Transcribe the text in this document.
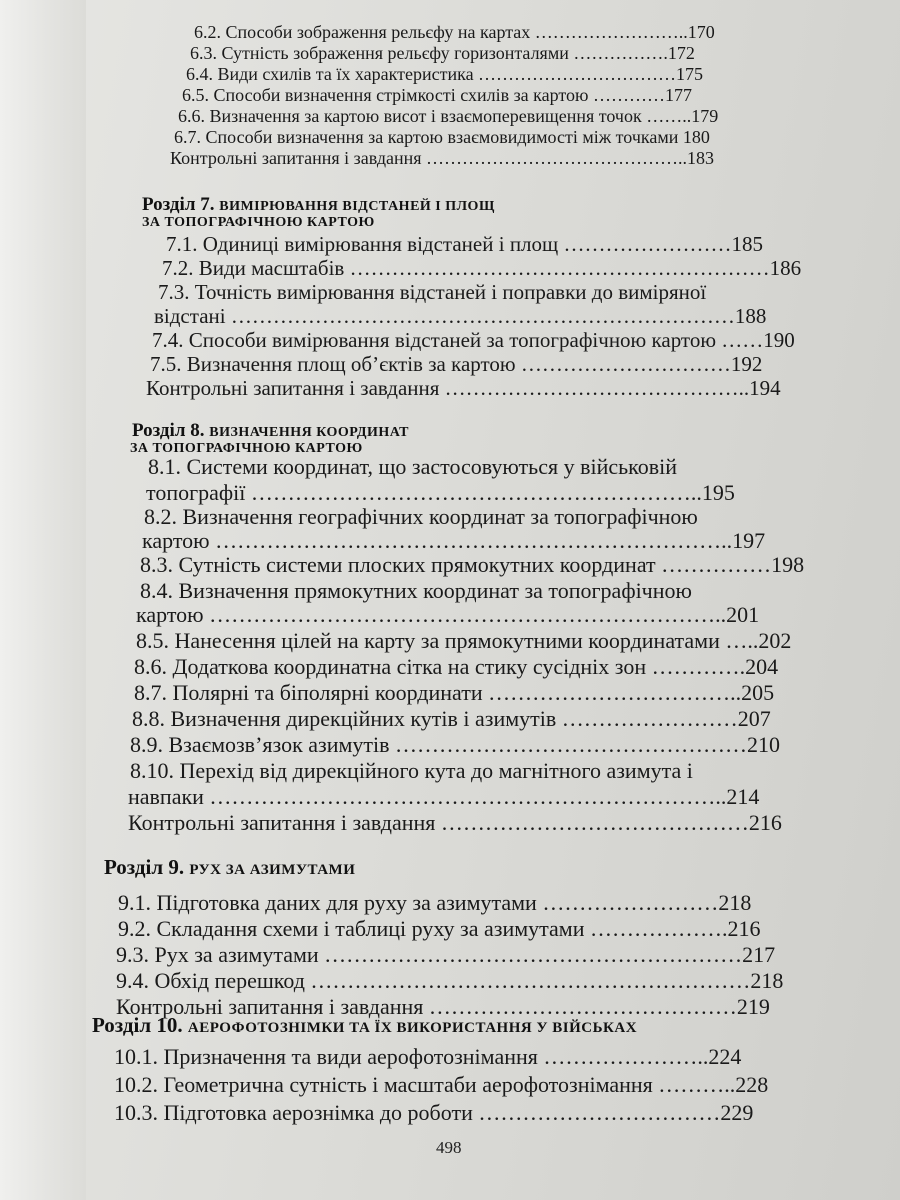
6.2. Способи зображення рельєфу на картах ……………………..170
6.3. Сутність зображення рельєфу горизонталями …………….172
6.4. Види схилів та їх характеристика ……………………………175
6.5. Способи визначення стрімкості схилів за картою …………177
6.6. Визначення за картою висот і взаємоперевищення точок ……..179
6.7. Способи визначення за картою взаємовидимості між точками 180
Контрольні запитання і завдання ……………………………………..183
Розділ 7. ВИМІРЮВАННЯ ВІДСТАНЕЙ І ПЛОЩ
ЗА ТОПОГРАФІЧНОЮ КАРТОЮ
7.1. Одиниці вимірювання відстаней і площ ……………………185
7.2. Види масштабів ……………………………………………………186
7.3. Точність вимірювання відстаней і поправки до виміряної
відстані ………………………………………………………………188
7.4. Способи вимірювання відстаней за топографічною картою ……190
7.5. Визначення площ об’єктів за картою …………………………192
Контрольні запитання і завдання ……………………………………..194
Розділ 8. ВИЗНАЧЕННЯ КООРДИНАТ
ЗА ТОПОГРАФІЧНОЮ КАРТОЮ
8.1. Системи координат, що застосовуються у військовій
топографії ……………………………………………………..195
8.2. Визначення географічних координат за топографічною
картою ……………………………………………………………..197
8.3. Сутність системи плоских прямокутних координат ……………198
8.4. Визначення прямокутних координат за топографічною
картою ……………………………………………………………..201
8.5. Нанесення цілей на карту за прямокутними координатами …..202
8.6. Додаткова координатна сітка на стику сусідніх зон ………….204
8.7. Полярні та біполярні координати ……………………………..205
8.8. Визначення дирекційних кутів і азимутів ……………………207
8.9. Взаємозв’язок азимутів …………………………………………210
8.10. Перехід від дирекційного кута до магнітного азимута і
навпаки ……………………………………………………………..214
Контрольні запитання і завдання ……………………………………216
Розділ 9. РУХ ЗА АЗИМУТАМИ
9.1. Підготовка даних для руху за азимутами ……………………218
9.2. Складання схеми і таблиці руху за азимутами ……………….216
9.3. Рух за азимутами …………………………………………………217
9.4. Обхід перешкод ……………………………………………………218
Контрольні запитання і завдання ……………………………………219
Розділ 10. АЕРОФОТОЗНІМКИ ТА ЇХ ВИКОРИСТАННЯ У ВІЙСЬКАХ
10.1. Призначення та види аерофотознімання …………………..224
10.2. Геометрична сутність і масштаби аерофотознімання ………..228
10.3. Підготовка аерознімка до роботи ……………………………229
498
